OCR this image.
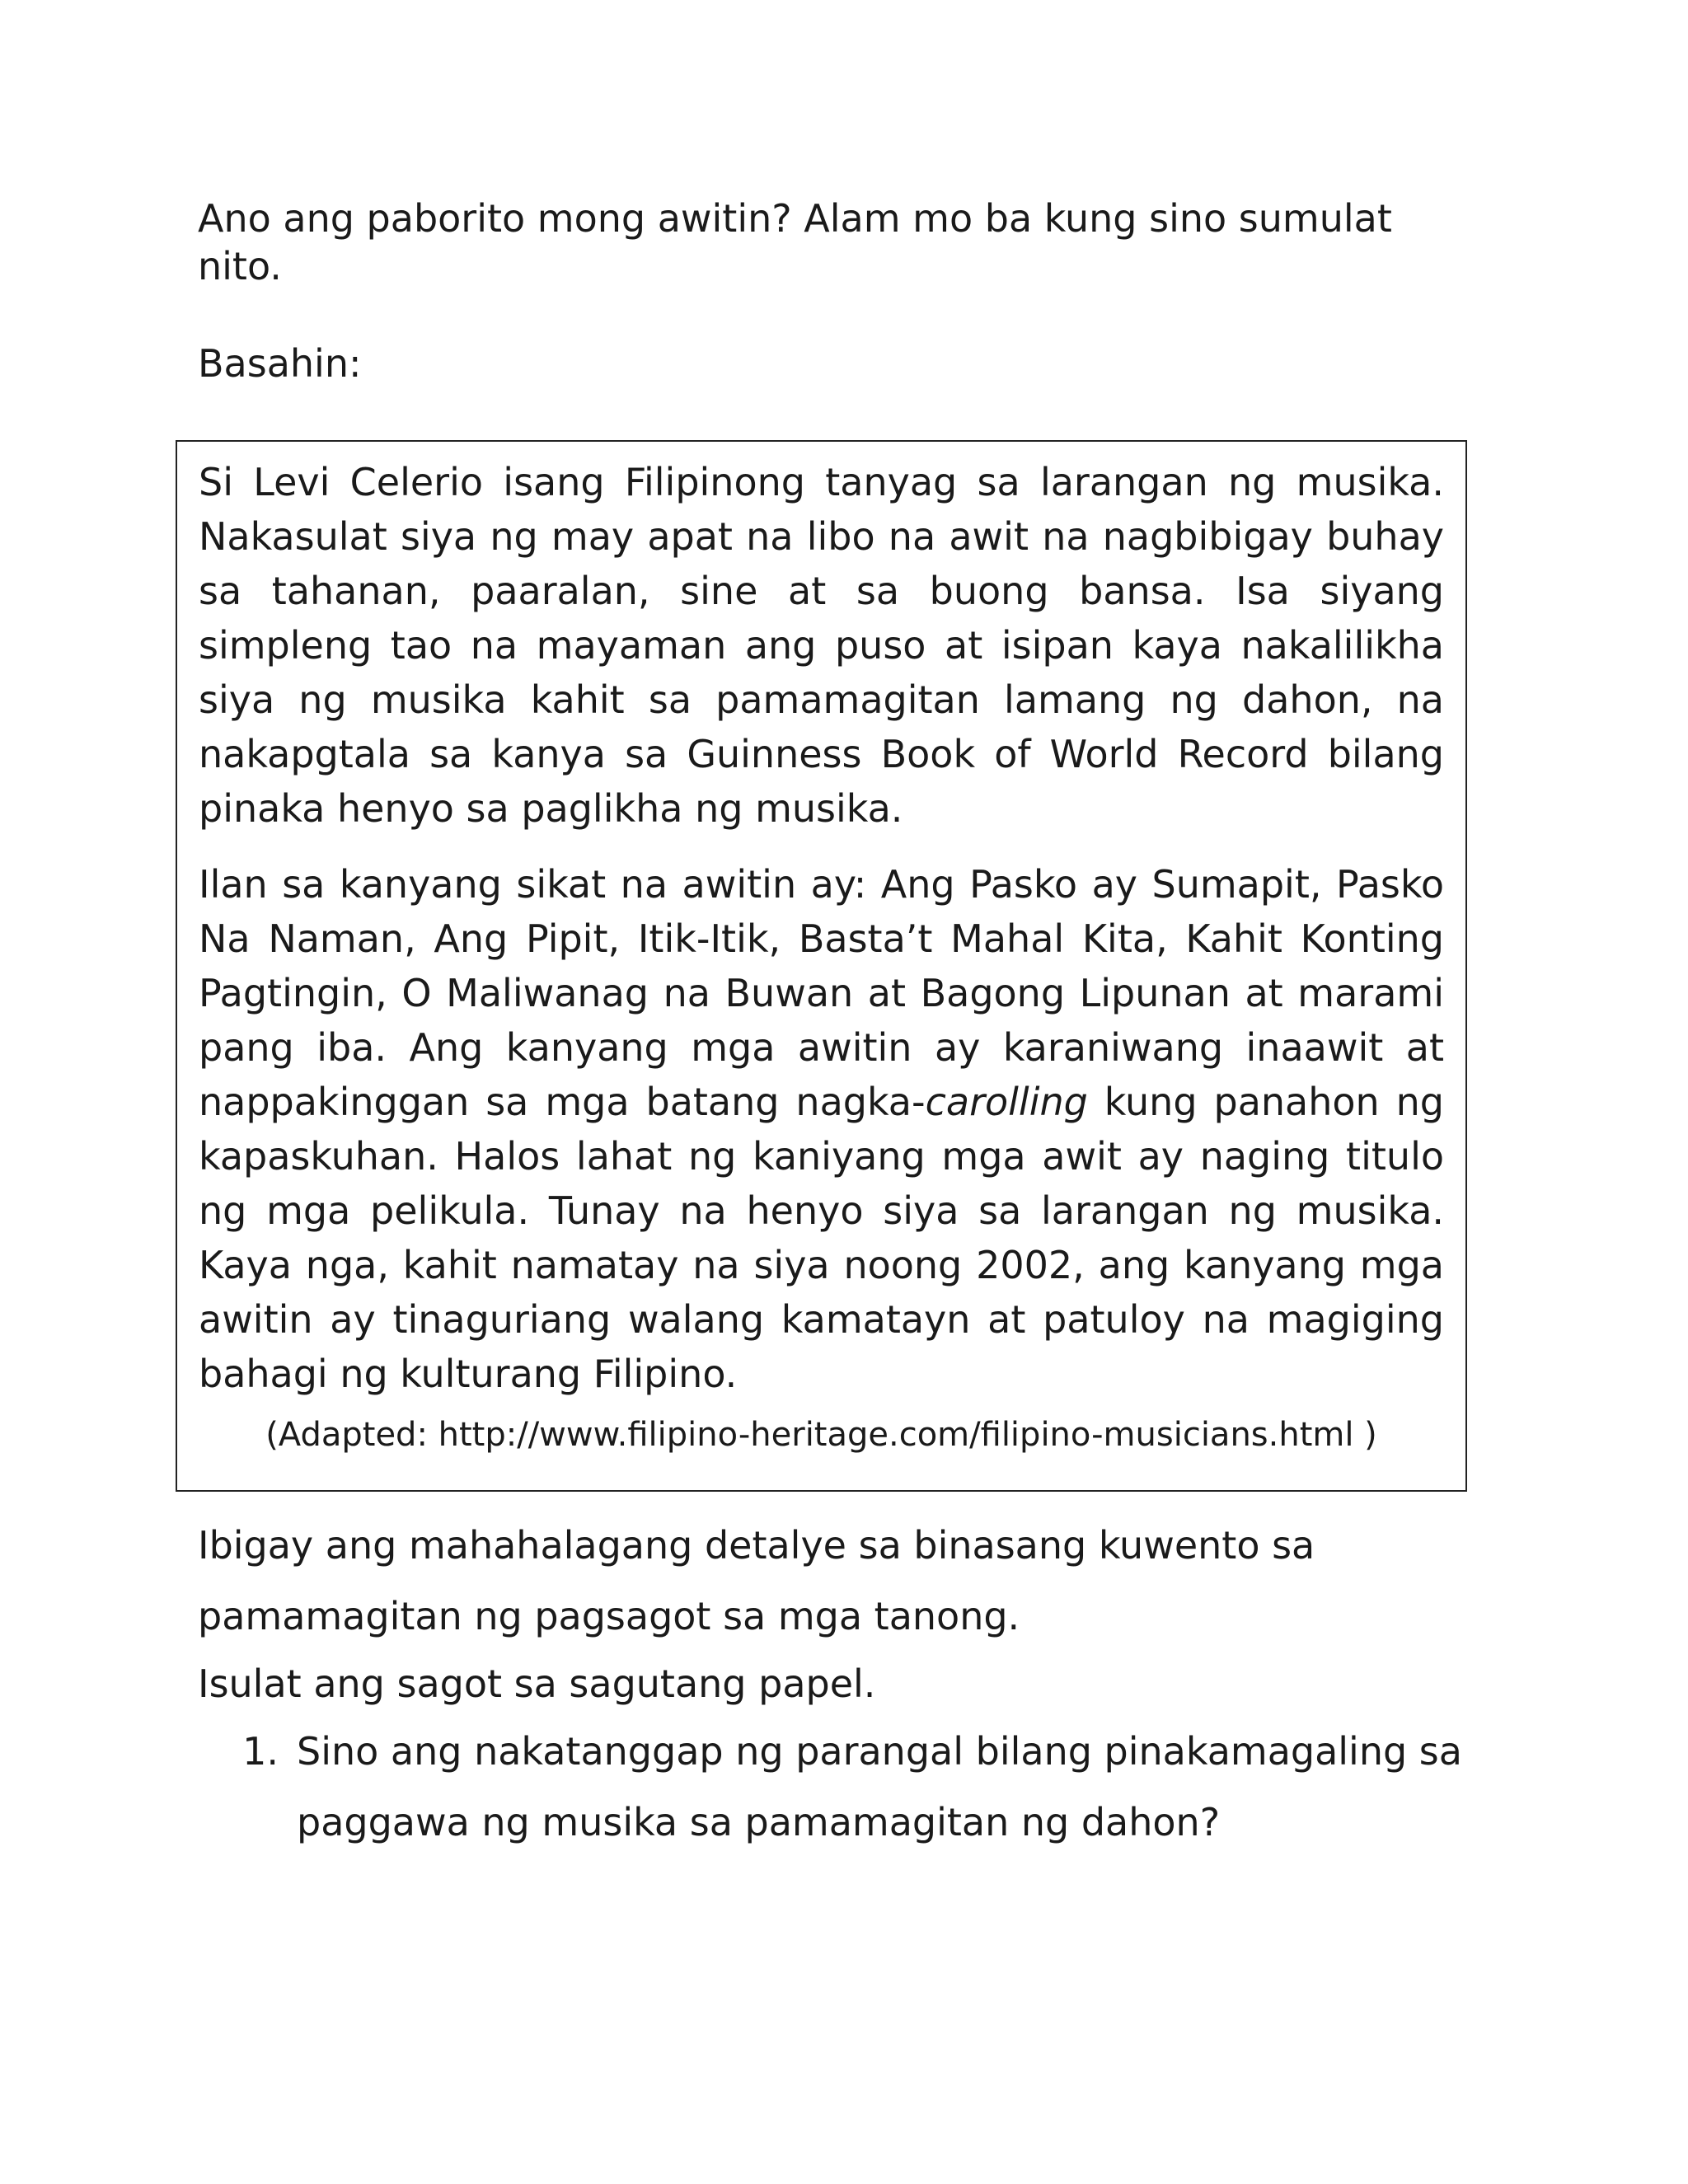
Ano ang paborito mong awitin? Alam mo ba kung sino sumulat nito.

Basahin:

Si Levi Celerio isang Filipinong tanyag sa larangan ng musika. Nakasulat siya ng may apat na libo na awit na nagbibigay buhay sa tahanan, paaralan, sine at sa buong bansa. Isa siyang simpleng tao na mayaman ang puso at isipan kaya nakalilikha siya ng musika kahit sa pamamagitan lamang ng dahon, na nakapgtala sa kanya sa Guinness Book of World Record bilang pinaka henyo sa paglikha ng musika.

Ilan sa kanyang sikat na awitin ay: Ang Pasko ay Sumapit, Pasko Na Naman, Ang Pipit, Itik-Itik, Basta’t Mahal Kita, Kahit Konting Pagtingin, O Maliwanag na Buwan at Bagong Lipunan at marami pang iba. Ang kanyang mga awitin ay karaniwang inaawit at nappakinggan sa mga batang nagka-carolling kung panahon ng kapaskuhan. Halos lahat ng kaniyang mga awit ay naging titulo ng mga pelikula. Tunay na henyo siya sa larangan ng musika. Kaya nga, kahit namatay na siya noong 2002, ang kanyang mga awitin ay tinaguriang walang kamatayn at patuloy na magiging bahagi ng kulturang Filipino.

(Adapted: http://www.filipino-heritage.com/filipino-musicians.html )

Ibigay ang mahahalagang detalye sa binasang kuwento sa

pamamagitan ng pagsagot sa mga tanong.

Isulat ang sagot sa sagutang papel.

1. Sino ang nakatanggap ng parangal bilang pinakamagaling sa paggawa ng musika sa pamamagitan ng dahon?
